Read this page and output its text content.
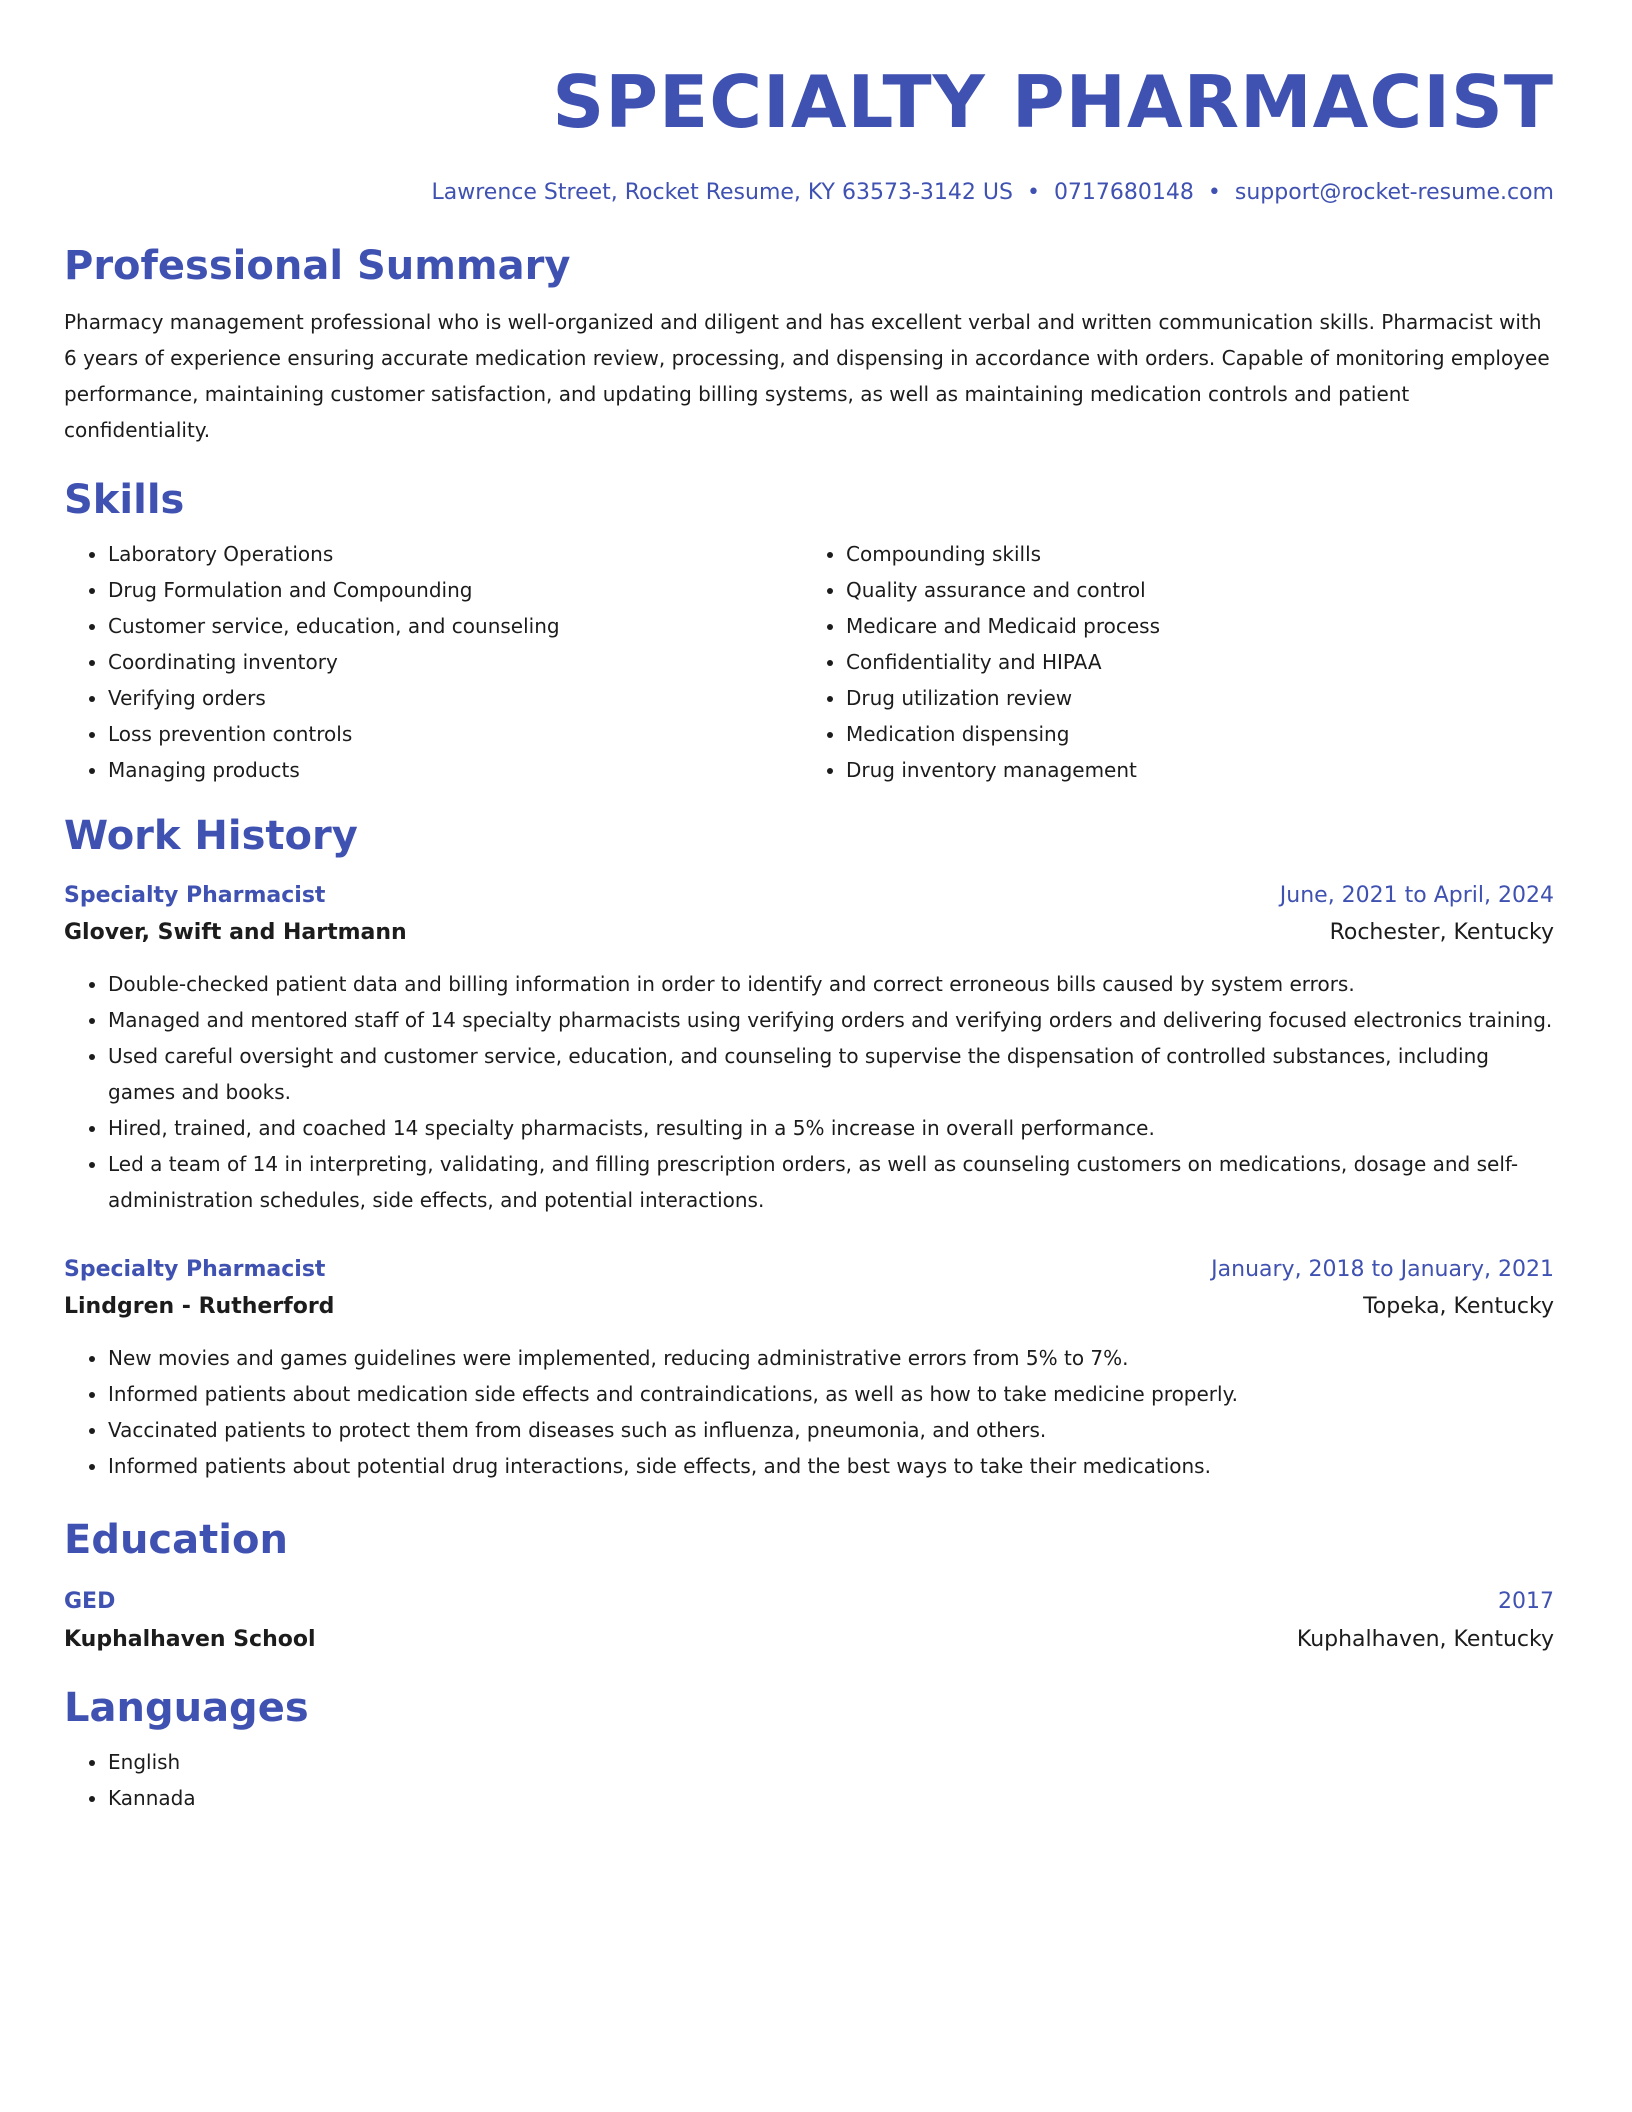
SPECIALTY PHARMACIST
Lawrence Street, Rocket Resume, KY 63573-3142 US • 0717680148 • support@rocket-resume.com
Professional Summary
Pharmacy management professional who is well-organized and diligent and has excellent verbal and written communication skills. Pharmacist with 6 years of experience ensuring accurate medication review, processing, and dispensing in accordance with orders. Capable of monitoring employee performance, maintaining customer satisfaction, and updating billing systems, as well as maintaining medication controls and patient confidentiality.
Skills
• Laboratory Operations
• Drug Formulation and Compounding
• Customer service, education, and counseling
• Coordinating inventory
• Verifying orders
• Loss prevention controls
• Managing products
• Compounding skills
• Quality assurance and control
• Medicare and Medicaid process
• Confidentiality and HIPAA
• Drug utilization review
• Medication dispensing
• Drug inventory management
Work History
Specialty Pharmacist	June, 2021 to April, 2024
Glover, Swift and Hartmann	Rochester, Kentucky
• Double-checked patient data and billing information in order to identify and correct erroneous bills caused by system errors.
• Managed and mentored staff of 14 specialty pharmacists using verifying orders and verifying orders and delivering focused electronics training.
• Used careful oversight and customer service, education, and counseling to supervise the dispensation of controlled substances, including games and books.
• Hired, trained, and coached 14 specialty pharmacists, resulting in a 5% increase in overall performance.
• Led a team of 14 in interpreting, validating, and filling prescription orders, as well as counseling customers on medications, dosage and self-administration schedules, side effects, and potential interactions.
Specialty Pharmacist	January, 2018 to January, 2021
Lindgren - Rutherford	Topeka, Kentucky
• New movies and games guidelines were implemented, reducing administrative errors from 5% to 7%.
• Informed patients about medication side effects and contraindications, as well as how to take medicine properly.
• Vaccinated patients to protect them from diseases such as influenza, pneumonia, and others.
• Informed patients about potential drug interactions, side effects, and the best ways to take their medications.
Education
GED	2017
Kuphalhaven School	Kuphalhaven, Kentucky
Languages
• English
• Kannada
